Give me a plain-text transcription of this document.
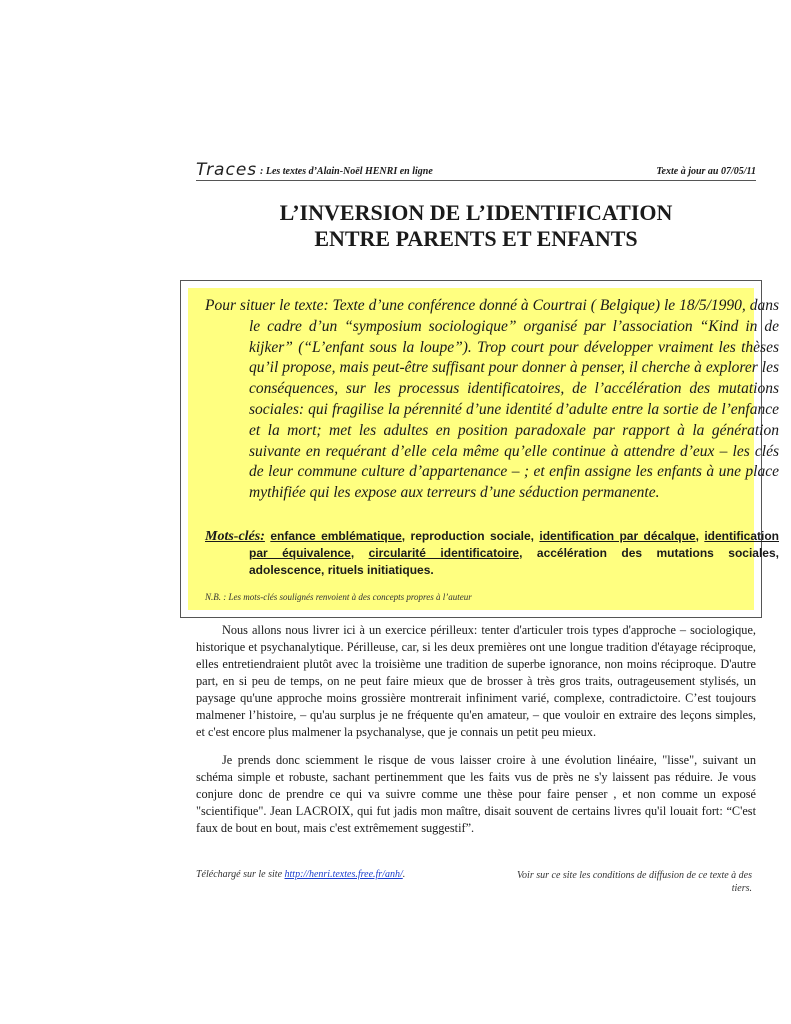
Traces : Les textes d’Alain-Noël HENRI en ligne	Texte à jour au 07/05/11
L’INVERSION DE L’IDENTIFICATION
ENTRE PARENTS ET ENFANTS

Pour situer le texte: Texte d’une conférence donné à Courtrai ( Belgique) le 18/5/1990, dans le cadre d’un “symposium sociologique” organisé par l’association “Kind in de kijker” (“L’enfant sous la loupe”). Trop court pour développer vraiment les thèses qu’il propose, mais peut-être suffisant pour donner à penser, il cherche à explorer les conséquences, sur les processus identificatoires, de l’accélération des mutations sociales: qui fragilise la pérennité d’une identité d’adulte entre la sortie de l’enfance et la mort; met les adultes en position paradoxale par rapport à la génération suivante en requérant d’elle cela même qu’elle continue à attendre d’eux – les clés de leur commune culture d’appartenance – ; et enfin assigne les enfants à une place mythifiée qui les expose aux terreurs d’une séduction permanente.

Mots-clés: enfance emblématique, reproduction sociale, identification par décalque, identification par équivalence, circularité identificatoire, accélération des mutations sociales, adolescence, rituels initiatiques.

N.B. : Les mots-clés soulignés renvoient à des concepts propres à l’auteur

Nous allons nous livrer ici à un exercice périlleux: tenter d'articuler trois types d'approche – sociologique, historique et psychanalytique. Périlleuse, car, si les deux premières ont une longue tradition d'étayage réciproque, elles entretiendraient plutôt avec la troisième une tradition de superbe ignorance, non moins réciproque. D'autre part, en si peu de temps, on ne peut faire mieux que de brosser à très gros traits, outrageusement stylisés, un paysage qu'une approche moins grossière montrerait infiniment varié, complexe, contradictoire. C’est toujours malmener l’histoire, – qu'au surplus je ne fréquente qu'en amateur, – que vouloir en extraire des leçons simples, et c'est encore plus malmener la psychanalyse, que je connais un petit peu mieux.

Je prends donc sciemment le risque de vous laisser croire à une évolution linéaire, "lisse", suivant un schéma simple et robuste, sachant pertinemment que les faits vus de près ne s'y laissent pas réduire. Je vous conjure donc de prendre ce qui va suivre comme une thèse pour faire penser , et non comme un exposé "scientifique". Jean LACROIX, qui fut jadis mon maître, disait souvent de certains livres qu'il louait fort: “C'est faux de bout en bout, mais c'est extrêmement suggestif”.

Téléchargé sur le site http://henri.textes.free.fr/anh/.	Voir sur ce site les conditions de diffusion de ce texte à des tiers.
